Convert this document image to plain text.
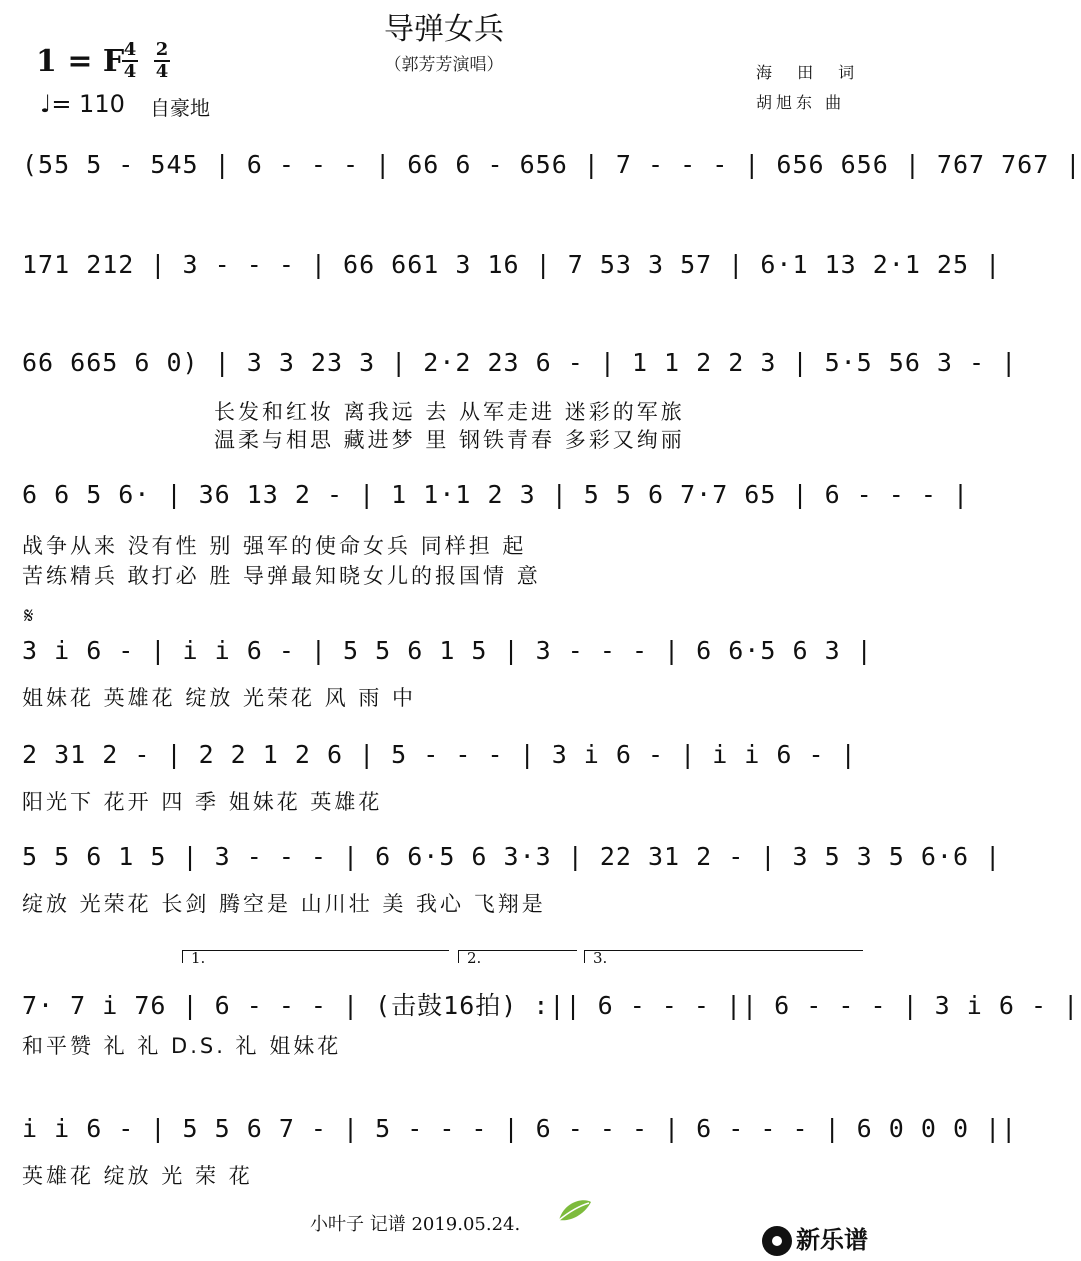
导弹女兵
（郭芳芳演唱）
1 = F 4
4
2
4
♩= 110 自豪地
海 田 词
胡旭东 曲
(55 5 - 545 | 6 - - - | 66 6 - 656 | 7 - - - | 656 656 | 767 767 |
171 212 | 3 - - - | 66 661 3 16 | 7 53 3 57 | 6·1 13 2·1 25 |
66 665 6 0) | 3 3 23 3 | 2·2 23 6 - | 1 1 2 2 3 | 5·5 56 3 - |
长发和红妆 离我远 去 从军走进 迷彩的军旅
温柔与相思 藏进梦 里 钢铁青春 多彩又绚丽
6 6 5 6· | 36 13 2 - | 1 1·1 2 3 | 5 5 6 7·7 65 | 6 - - - |
战争从来 没有性 别 强军的使命女兵 同样担 起
苦练精兵 敢打必 胜 导弹最知晓女儿的报国情 意
𝄋
3 i 6 - | i i 6 - | 5 5 6 1 5 | 3 - - - | 6 6·5 6 3 |
姐妹花 英雄花 绽放 光荣花 风 雨 中
2 31 2 - | 2 2 1 2 6 | 5 - - - | 3 i 6 - | i i 6 - |
阳光下 花开 四 季 姐妹花 英雄花
5 5 6 1 5 | 3 - - - | 6 6·5 6 3·3 | 22 31 2 - | 3 5 3 5 6·6 |
绽放 光荣花 长剑 腾空是 山川壮 美 我心 飞翔是
1.	2.	3.
7· 7 i 76 | 6 - - - | (击鼓16拍) :|| 6 - - - || 6 - - - | 3 i 6 - |
和平赞 礼 礼 D.S. 礼 姐妹花
i i 6 - | 5 5 6 7 - | 5 - - - | 6 - - - | 6 - - - | 6 0 0 0 ||
英雄花 绽放 光 荣 花
小叶子 记谱 2019.05.24.
新乐谱
